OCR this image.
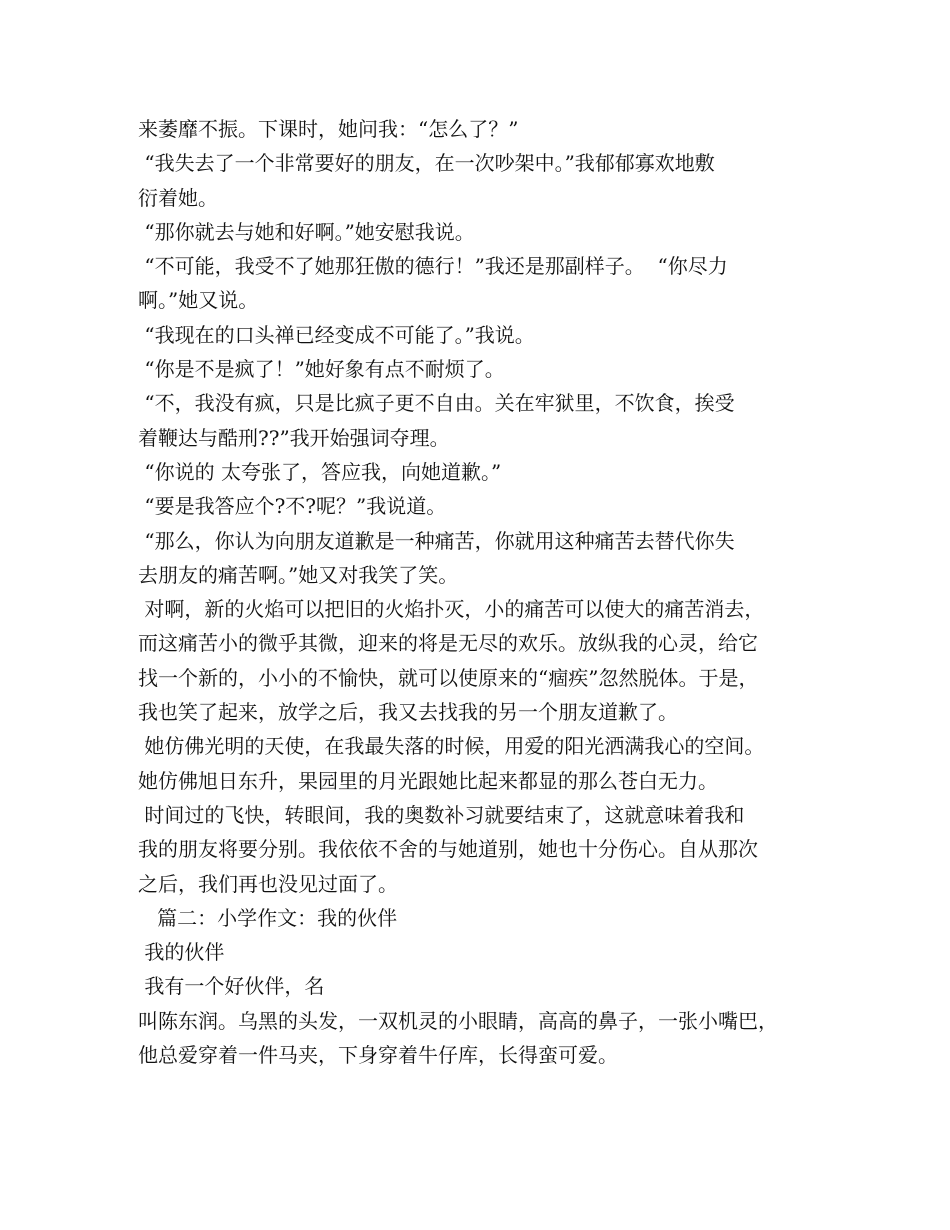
来萎靡不振。下课时，她问我：“怎么了？”
“我失去了一个非常要好的朋友，在一次吵架中。”我郁郁寡欢地敷
衍着她。
“那你就去与她和好啊。”她安慰我说。
“不可能，我受不了她那狂傲的德行！”我还是那副样子。  “你尽力
啊。”她又说。
“我现在的口头禅已经变成不可能了。”我说。
“你是不是疯了！”她好象有点不耐烦了。
“不，我没有疯，只是比疯子更不自由。关在牢狱里，不饮食，挨受
着鞭达与酷刑??”我开始强词夺理。
“你说的 太夸张了，答应我，向她道歉。”
“要是我答应个?不?呢？”我说道。
“那么，你认为向朋友道歉是一种痛苦，你就用这种痛苦去替代你失
去朋友的痛苦啊。”她又对我笑了笑。
对啊，新的火焰可以把旧的火焰扑灭，小的痛苦可以使大的痛苦消去，
而这痛苦小的微乎其微，迎来的将是无尽的欢乐。放纵我的心灵，给它
找一个新的，小小的不愉快，就可以使原来的“痼疾”忽然脱体。于是，
我也笑了起来，放学之后，我又去找我的另一个朋友道歉了。
她仿佛光明的天使，在我最失落的时候，用爱的阳光洒满我心的空间。
她仿佛旭日东升，果园里的月光跟她比起来都显的那么苍白无力。
时间过的飞快，转眼间，我的奥数补习就要结束了，这就意味着我和
我的朋友将要分别。我依依不舍的与她道别，她也十分伤心。自从那次
之后，我们再也没见过面了。
篇二：小学作文：我的伙伴
我的伙伴
我有一个好伙伴，名
叫陈东润。乌黑的头发，一双机灵的小眼睛，高高的鼻子，一张小嘴巴，
他总爱穿着一件马夹，下身穿着牛仔库，长得蛮可爱。
